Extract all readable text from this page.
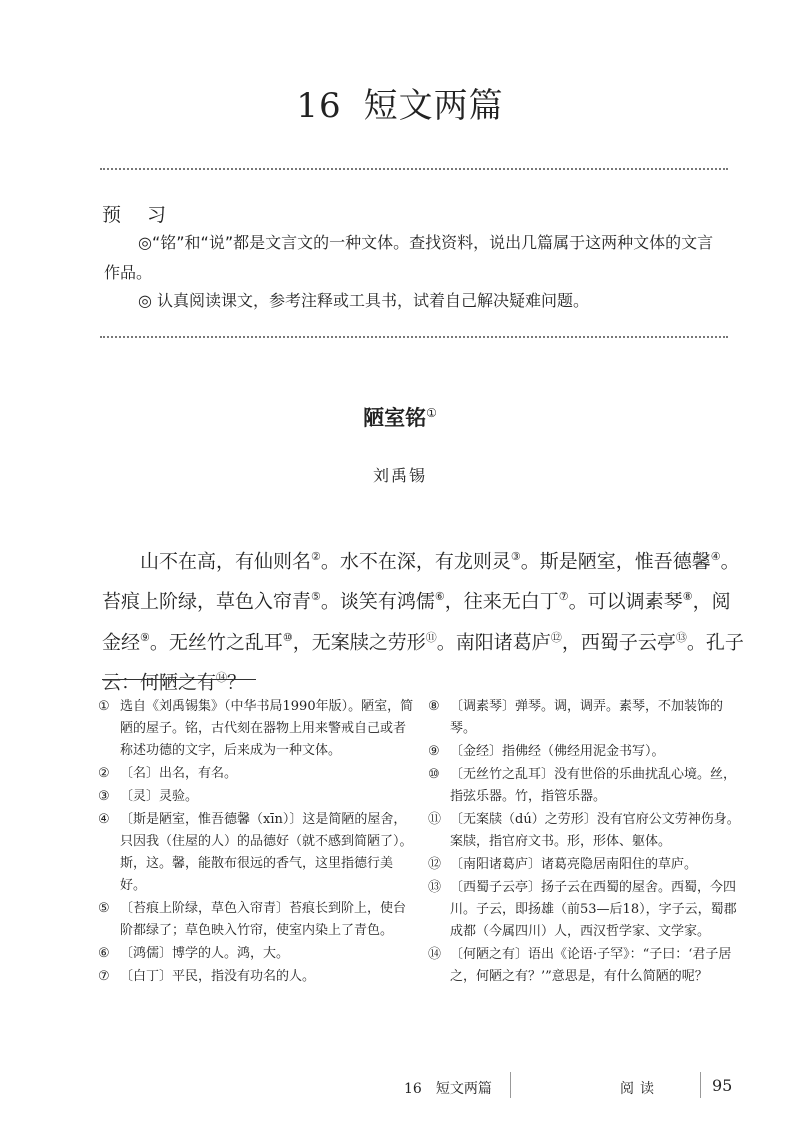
16 短文两篇
预 习
◎“铭”和“说”都是文言文的一种文体。查找资料，说出几篇属于这两种文体的文言作品。
◎ 认真阅读课文，参考注释或工具书，试着自己解决疑难问题。
陋室铭①
刘禹锡
山不在高，有仙则名②。水不在深，有龙则灵③。斯是陋室，惟吾德馨④。
苔痕上阶绿，草色入帘青⑤。谈笑有鸿儒⑥，往来无白丁⑦。可以调素琴⑧，阅
金经⑨。无丝竹之乱耳⑩，无案牍之劳形⑪。南阳诸葛庐⑫，西蜀子云亭⑬。孔子
云：何陋之有⑭？
① 选自《刘禹锡集》（中华书局1990年版）。陋室，简陋的屋子。铭，古代刻在器物上用来警戒自己或者称述功德的文字，后来成为一种文体。
② 〔名〕出名，有名。
③ 〔灵〕灵验。
④ 〔斯是陋室，惟吾德馨（xīn）〕这是简陋的屋舍，只因我（住屋的人）的品德好（就不感到简陋了）。斯，这。馨，能散布很远的香气，这里指德行美好。
⑤ 〔苔痕上阶绿，草色入帘青〕苔痕长到阶上，使台阶都绿了；草色映入竹帘，使室内染上了青色。
⑥ 〔鸿儒〕博学的人。鸿，大。
⑦ 〔白丁〕平民，指没有功名的人。
⑧ 〔调素琴〕弹琴。调，调弄。素琴，不加装饰的琴。
⑨ 〔金经〕指佛经（佛经用泥金书写）。
⑩ 〔无丝竹之乱耳〕没有世俗的乐曲扰乱心境。丝，指弦乐器。竹，指管乐器。
⑪ 〔无案牍（dú）之劳形〕没有官府公文劳神伤身。案牍，指官府文书。形，形体、躯体。
⑫ 〔南阳诸葛庐〕诸葛亮隐居南阳住的草庐。
⑬ 〔西蜀子云亭〕扬子云在西蜀的屋舍。西蜀，今四川。子云，即扬雄（前53—后18），字子云，蜀郡成都（今属四川）人，西汉哲学家、文学家。
⑭ 〔何陋之有〕语出《论语·子罕》：“子曰：‘君子居之，何陋之有？’”意思是，有什么简陋的呢？
16　短文两篇	阅读	95
